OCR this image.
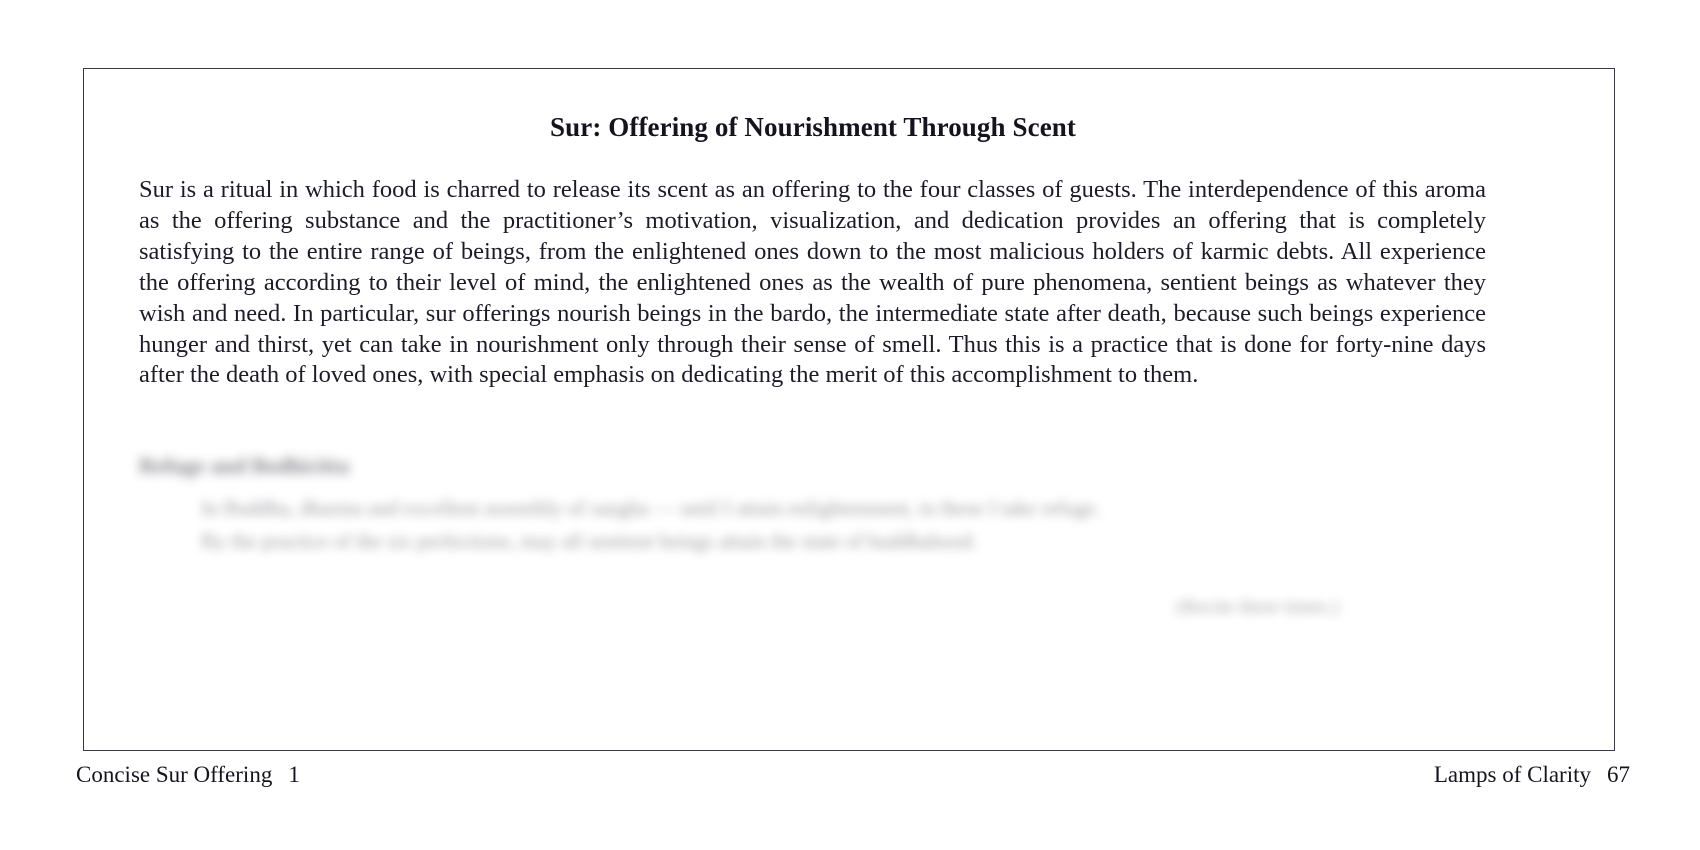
Sur: Offering of Nourishment Through Scent

Sur is a ritual in which food is charred to release its scent as an offering to the four classes of guests. The interdependence of this aroma as the offering substance and the practitioner’s motivation, visualization, and dedication provides an offering that is completely satisfying to the entire range of beings, from the enlightened ones down to the most malicious holders of karmic debts. All experience the offering according to their level of mind, the enlightened ones as the wealth of pure phenomena, sentient beings as whatever they wish and need. In particular, sur offerings nourish beings in the bardo, the intermediate state after death, because such beings experience hunger and thirst, yet can take in nourishment only through their sense of smell. Thus this is a practice that is done for forty-nine days after the death of loved ones, with special emphasis on dedicating the merit of this accomplishment to them.

Refuge and Bodhicitta
In Buddha, dharma and excellent assembly of sangha — until I attain enlightenment, in these I take refuge.
By the practice of the six perfections, may all sentient beings attain the state of buddhahood.
(Recite three times.)
Concise Sur Offering 1	Lamps of Clarity 67
